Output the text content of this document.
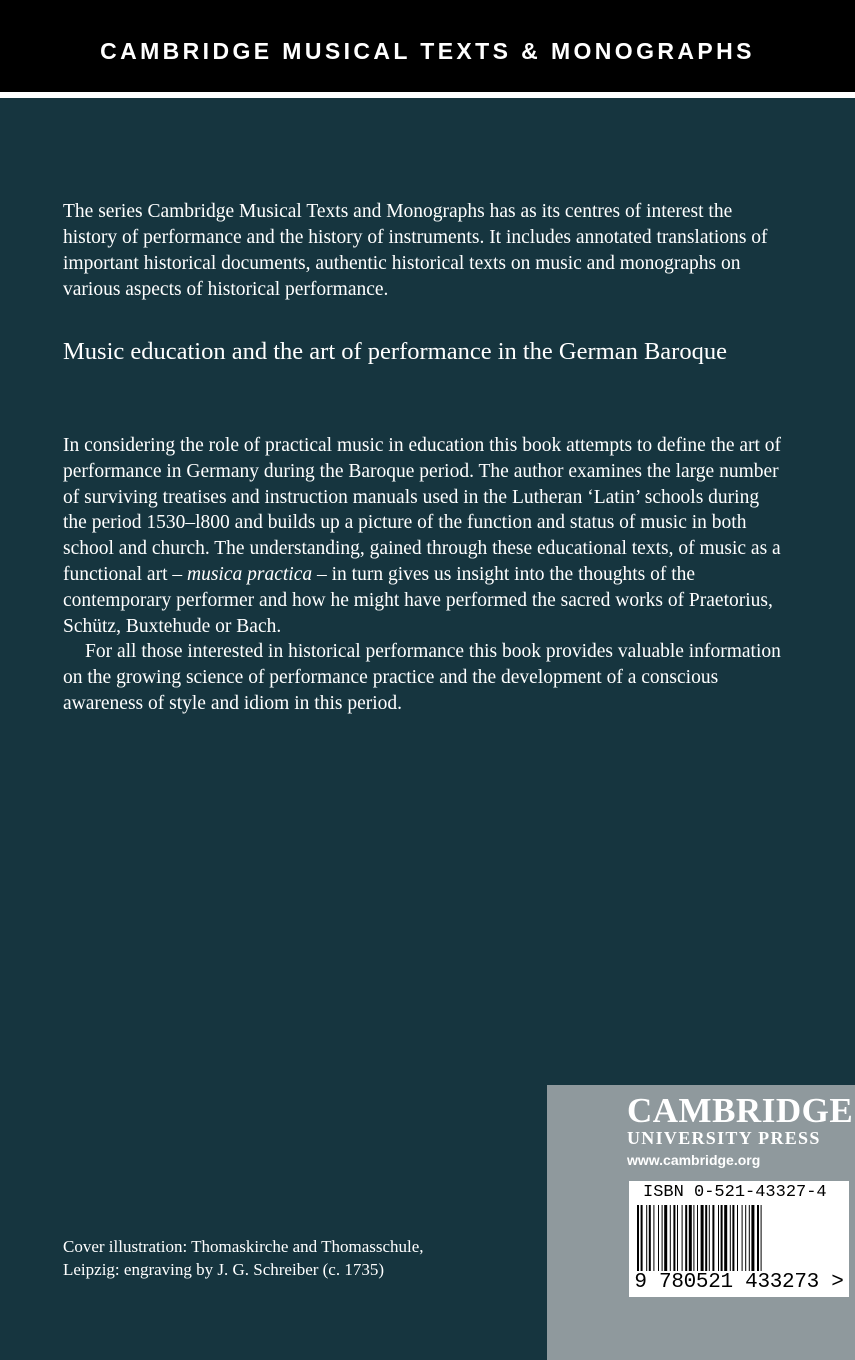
CAMBRIDGE MUSICAL TEXTS & MONOGRAPHS

The series Cambridge Musical Texts and Monographs has as its centres of interest the history of performance and the history of instruments. It includes annotated translations of important historical documents, authentic historical texts on music and monographs on various aspects of historical performance.

Music education and the art of performance in the German Baroque

In considering the role of practical music in education this book attempts to define the art of performance in Germany during the Baroque period. The author examines the large number of surviving treatises and instruction manuals used in the Lutheran ‘Latin’ schools during the period 1530–l800 and builds up a picture of the function and status of music in both school and church. The understanding, gained through these educational texts, of music as a functional art – musica practica – in turn gives us insight into the thoughts of the contemporary performer and how he might have performed the sacred works of Praetorius, Schütz, Buxtehude or Bach.

For all those interested in historical performance this book provides valuable information on the growing science of performance practice and the development of a conscious awareness of style and idiom in this period.

Cover illustration: Thomaskirche and Thomasschule,
Leipzig: engraving by J. G. Schreiber (c. 1735)

CAMBRIDGE
UNIVERSITY PRESS
www.cambridge.org
ISBN 0-521-43327-4
9 780521 433273 >
